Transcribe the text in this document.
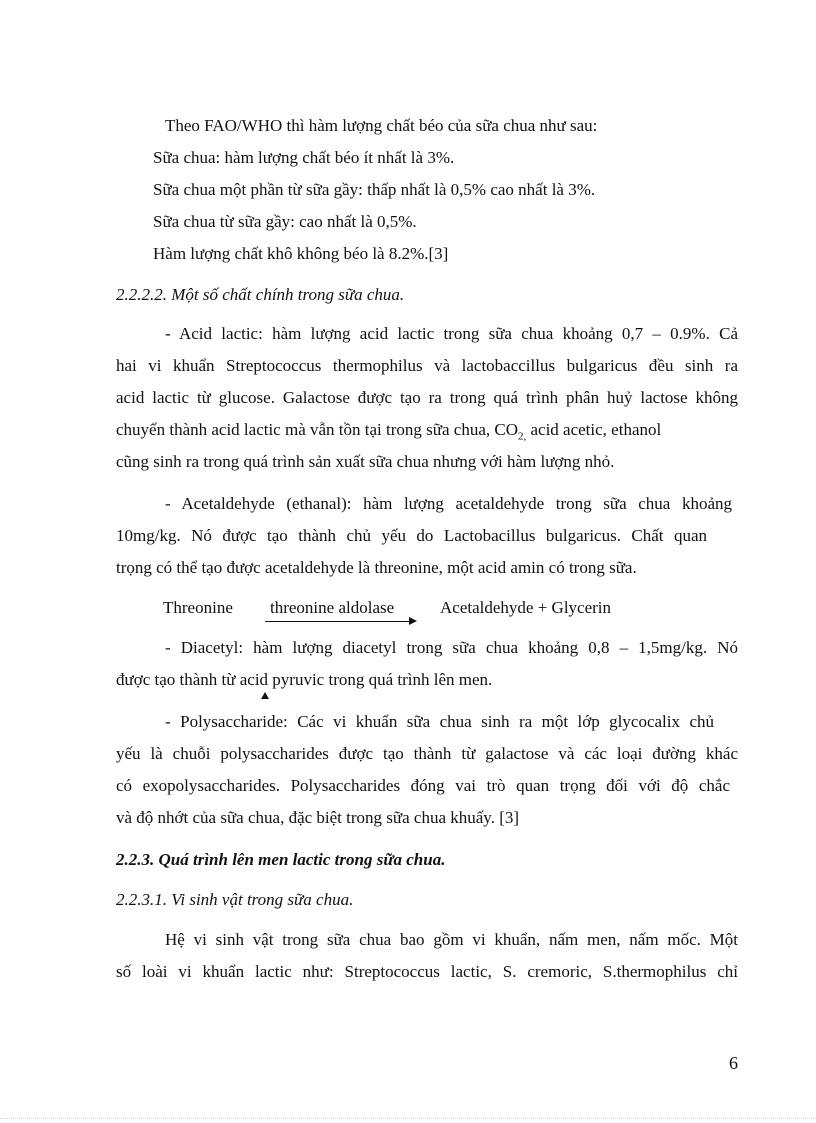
Theo FAO/WHO thì hàm lượng chất béo của sữa chua như sau:
Sữa chua: hàm lượng chất béo ít nhất là 3%.
Sữa chua một phần từ sữa gầy: thấp nhất là 0,5% cao nhất là 3%.
Sữa chua từ sữa gầy: cao nhất là 0,5%.
Hàm lượng chất khô không béo là 8.2%.[3]
2.2.2.2. Một số chất chính trong sữa chua.
- Acid lactic: hàm lượng acid lactic trong sữa chua khoảng 0,7 – 0.9%. Cả
hai vi khuẩn Streptococcus thermophilus và lactobaccillus bulgaricus đều sinh ra
acid lactic từ glucose. Galactose được tạo ra trong quá trình phân huỷ lactose không
chuyển thành acid lactic mà vẫn tồn tại trong sữa chua, $CO_{2,}$ acid acetic, ethanol
cũng sinh ra trong quá trình sản xuất sữa chua nhưng với hàm lượng nhỏ.
- Acetaldehyde (ethanal): hàm lượng acetaldehyde trong sữa chua khoảng
10mg/kg. Nó được tạo thành chủ yếu do Lactobacillus bulgaricus. Chất quan
trọng có thể tạo được acetaldehyde là threonine, một acid amin có trong sữa.
Threonine threonine aldolase	Acetaldehyde + Glycerin
- Diacetyl: hàm lượng diacetyl trong sữa chua khoảng 0,8 – 1,5mg/kg. Nó
được tạo thành từ acid pyruvic trong quá trình lên men.
- Polysaccharide: Các vi khuẩn sữa chua sinh ra một lớp glycocalix chủ
yếu là chuỗi polysaccharides được tạo thành từ galactose và các loại đường khác
có exopolysaccharides. Polysaccharides đóng vai trò quan trọng đối với độ chắc
và độ nhớt của sữa chua, đặc biệt trong sữa chua khuấy. [3]
2.2.3. Quá trình lên men lactic trong sữa chua.
2.2.3.1. Vi sinh vật trong sữa chua.
Hệ vi sinh vật trong sữa chua bao gồm vi khuẩn, nấm men, nấm mốc. Một
số loài vi khuẩn lactic như: Streptococcus lactic, S. cremoric, S.thermophilus chỉ
6
